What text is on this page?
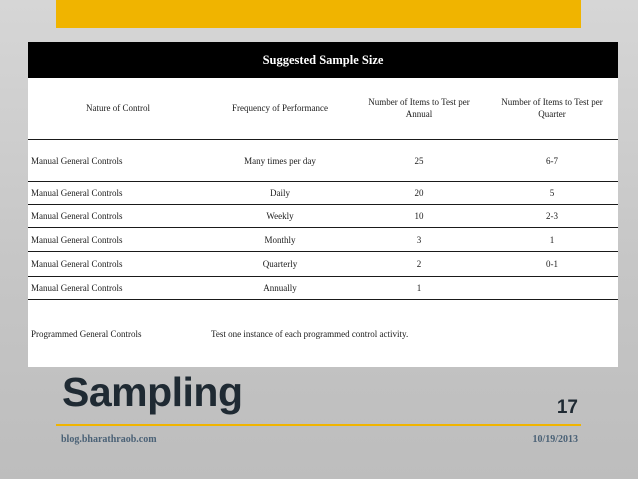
Suggested Sample Size			
Nature of Control	Frequency of Performance	Number of Items to Test per Annual	Number of Items to Test per Quarter
Manual General Controls	Many times per day	25	6-7
Manual General Controls	Daily	20	5
Manual General Controls	Weekly	10	2-3
Manual General Controls	Monthly	3	1
Manual General Controls	Quarterly	2	0-1
Manual General Controls	Annually	1	
Programmed General Controls	Test one instance of each programmed control activity.		
Sampling	17
blog.bharathraob.com	10/19/2013
